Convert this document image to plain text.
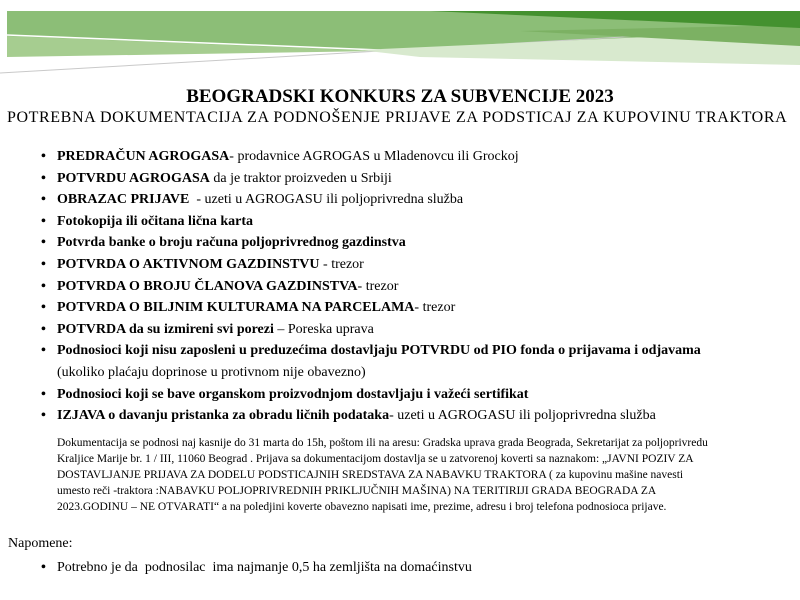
BEOGRADSKI KONKURS ZA SUBVENCIJE 2023
POTREBNA DOKUMENTACIJA ZA PODNOŠENJE PRIJAVE ZA PODSTICAJ ZA KUPOVINU TRAKTORA
• PREDRAČUN AGROGASA- prodavnice AGROGAS u Mladenovcu ili Grockoj
• POTVRDU AGROGASA da je traktor proizveden u Srbiji
• OBRAZAC PRIJAVE  - uzeti u AGROGASU ili poljoprivredna služba
• Fotokopija ili očitana lična karta
• Potvrda banke o broju računa poljoprivrednog gazdinstva
• POTVRDA O AKTIVNOM GAZDINSTVU - trezor
• POTVRDA O BROJU ČLANOVA GAZDINSTVA- trezor
• POTVRDA O BILJNIM KULTURAMA NA PARCELAMA- trezor
• POTVRDA da su izmireni svi porezi – Poreska uprava
• Podnosioci koji nisu zaposleni u preduzećima dostavljaju POTVRDU od PIO fonda o prijavama i odjavama
(ukoliko plaćaju doprinose u protivnom nije obavezno)
• Podnosioci koji se bave organskom proizvodnjom dostavljaju i važeći sertifikat
• IZJAVA o davanju pristanka za obradu ličnih podataka- uzeti u AGROGASU ili poljoprivredna služba
Dokumentacija se podnosi naj kasnije do 31 marta do 15h, poštom ili na aresu: Gradska uprava grada Beograda, Sekretarijat za poljoprivredu
Kraljice Marije br. 1 / III, 11060 Beograd . Prijava sa dokumentacijom dostavlja se u zatvorenoj koverti sa naznakom: „JAVNI POZIV ZA
DOSTAVLJANJE PRIJAVA ZA DODELU PODSTICAJNIH SREDSTAVA ZA NABAVKU TRAKTORA ( za kupovinu mašine navesti
umesto reči -traktora :NABAVKU POLJOPRIVREDNIH PRIKLJUČNIH MAŠINA) NA TERITIRIJI GRADA BEOGRADA ZA
2023.GODINU – NE OTVARATI“ a na poledjini koverte obavezno napisati ime, prezime, adresu i broj telefona podnosioca prijave.
Napomene:
• Potrebno je da  podnosilac  ima najmanje 0,5 ha zemljišta na domaćinstvu
